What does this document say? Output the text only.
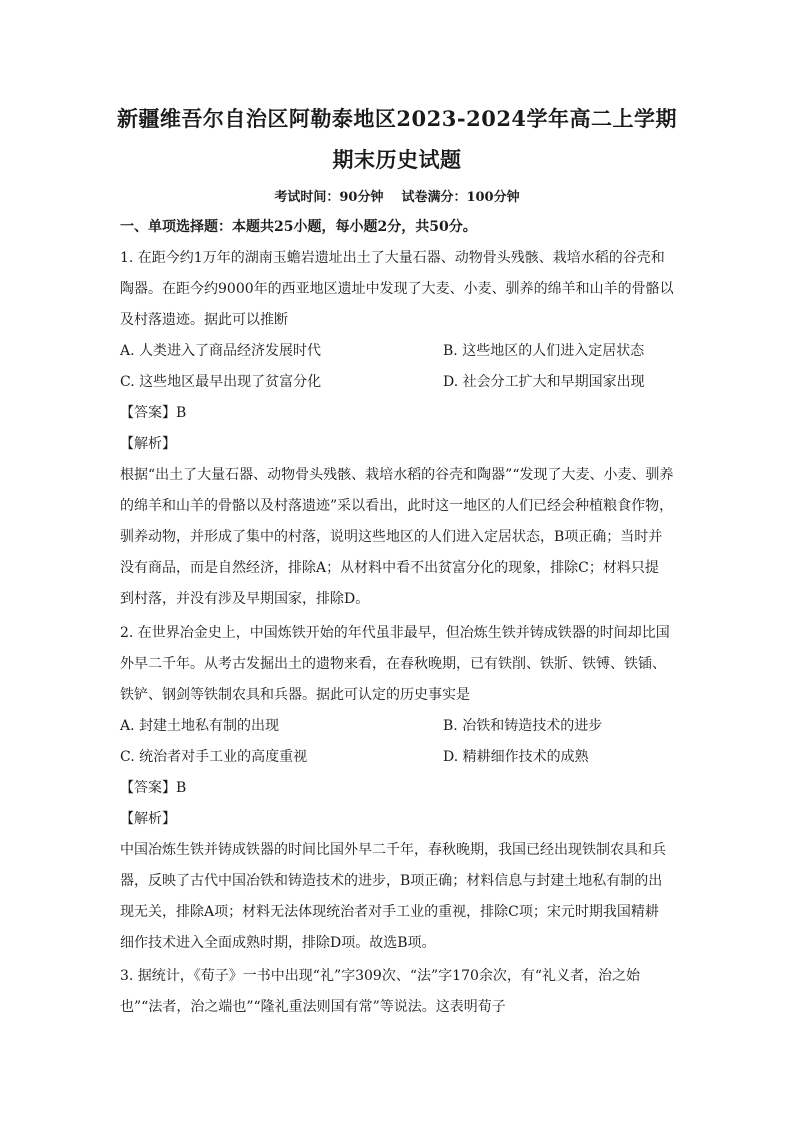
新疆维吾尔自治区阿勒泰地区2023-2024学年高二上学期
期末历史试题
考试时间：90分钟 试卷满分：100分钟
一、单项选择题：本题共25小题，每小题2分，共50分。
1. 在距今约1万年的湖南玉蟾岩遗址出土了大量石器、动物骨头残骸、栽培水稻的谷壳和
陶器。在距今约9000年的西亚地区遗址中发现了大麦、小麦、驯养的绵羊和山羊的骨骼以
及村落遗迹。据此可以推断
A. 人类进入了商品经济发展时代	B. 这些地区的人们进入定居状态
C. 这些地区最早出现了贫富分化	D. 社会分工扩大和早期国家出现
【答案】B
【解析】
根据“出土了大量石器、动物骨头残骸、栽培水稻的谷壳和陶器”“发现了大麦、小麦、驯养
的绵羊和山羊的骨骼以及村落遗迹”采以看出，此时这一地区的人们已经会种植粮食作物，
驯养动物，并形成了集中的村落，说明这些地区的人们进入定居状态，B项正确；当时并
没有商品，而是自然经济，排除A；从材料中看不出贫富分化的现象，排除C；材料只提
到村落，并没有涉及早期国家，排除D。
2. 在世界冶金史上，中国炼铁开始的年代虽非最早，但冶炼生铁并铸成铁器的时间却比国
外早二千年。从考古发掘出土的遗物来看，在春秋晚期，已有铁削、铁斨、铁镈、铁锸、
铁铲、钢剑等铁制农具和兵器。据此可认定的历史事实是
A. 封建土地私有制的出现	B. 冶铁和铸造技术的进步
C. 统治者对手工业的高度重视	D. 精耕细作技术的成熟
【答案】B
【解析】
中国冶炼生铁并铸成铁器的时间比国外早二千年，春秋晚期，我国已经出现铁制农具和兵
器，反映了古代中国冶铁和铸造技术的进步，B项正确；材料信息与封建土地私有制的出
现无关，排除A项；材料无法体现统治者对手工业的重视，排除C项；宋元时期我国精耕
细作技术进入全面成熟时期，排除D项。故选B项。
3. 据统计，《荀子》一书中出现“礼”字309次、“法”字170余次，有“礼义者，治之始
也”“法者，治之端也”“隆礼重法则国有常”等说法。这表明荀子
